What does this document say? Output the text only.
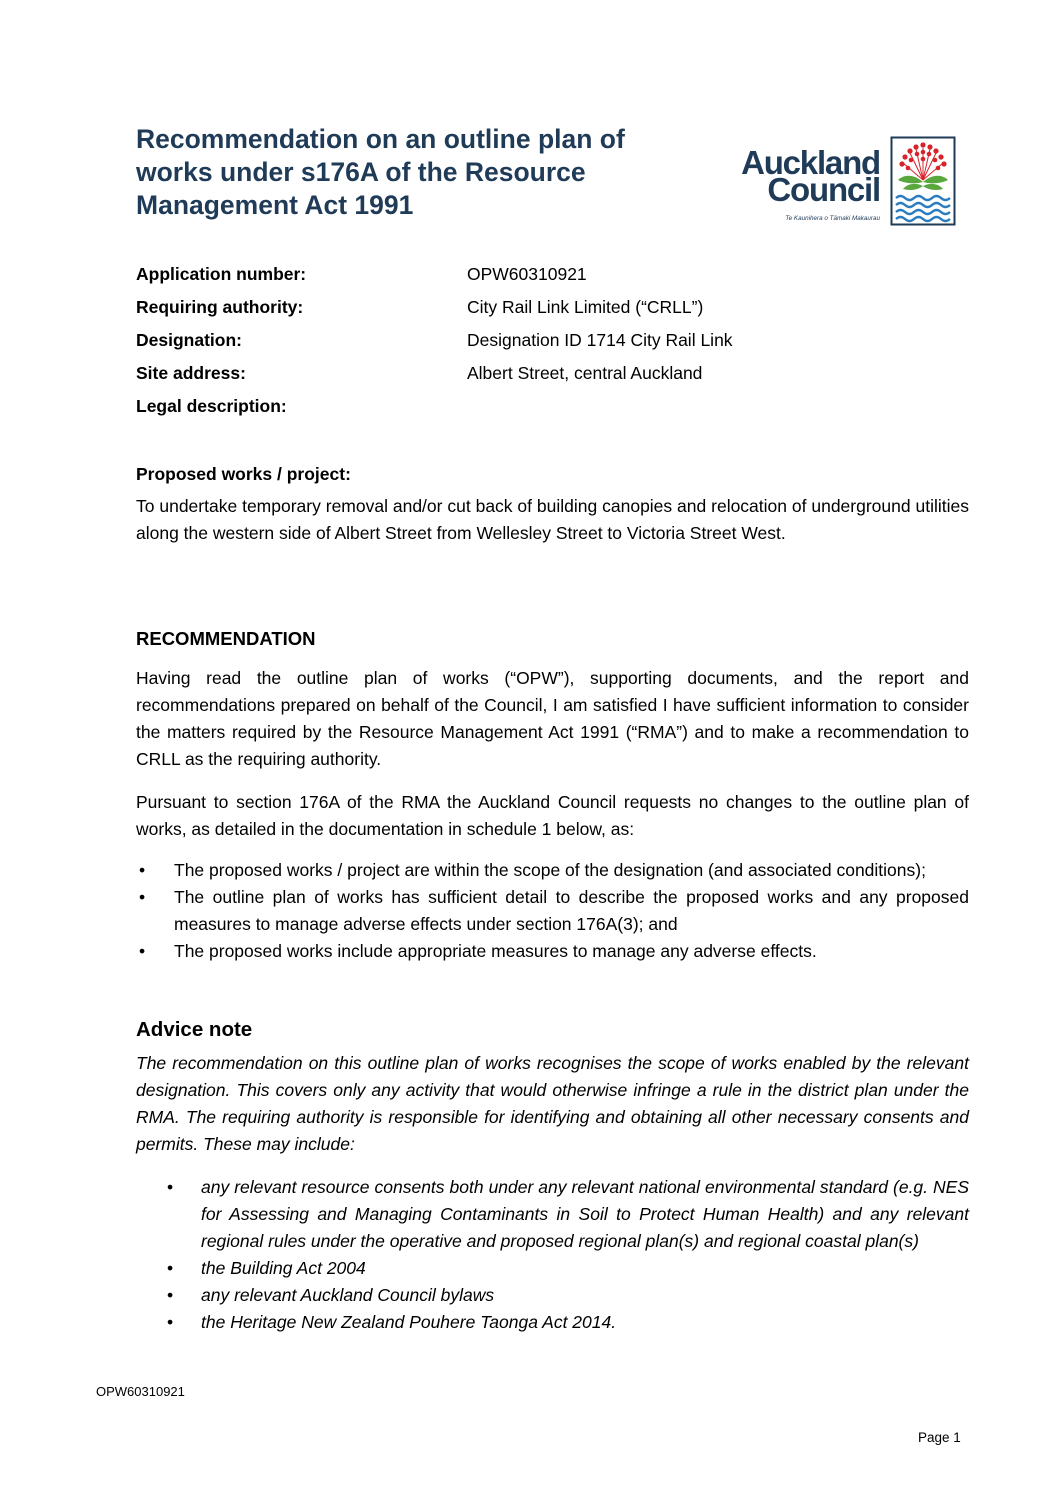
Recommendation on an outline plan of works under s176A of the Resource Management Act 1991
Auckland
Council
Te Kaunihera o Tāmaki Makaurau
Application number:	OPW60310921
Requiring authority:	City Rail Link Limited (“CRLL”)
Designation:	Designation ID 1714 City Rail Link
Site address:	Albert Street, central Auckland
Legal description:
Proposed works / project:
To undertake temporary removal and/or cut back of building canopies and relocation of underground utilities along the western side of Albert Street from Wellesley Street to Victoria Street West.
RECOMMENDATION
Having read the outline plan of works (“OPW”), supporting documents, and the report and recommendations prepared on behalf of the Council, I am satisfied I have sufficient information to consider the matters required by the Resource Management Act 1991 (“RMA”) and to make a recommendation to CRLL as the requiring authority.
Pursuant to section 176A of the RMA the Auckland Council requests no changes to the outline plan of works, as detailed in the documentation in schedule 1 below, as:
• The proposed works / project are within the scope of the designation (and associated conditions);
• The outline plan of works has sufficient detail to describe the proposed works and any proposed measures to manage adverse effects under section 176A(3); and
• The proposed works include appropriate measures to manage any adverse effects.
Advice note
The recommendation on this outline plan of works recognises the scope of works enabled by the relevant designation. This covers only any activity that would otherwise infringe a rule in the district plan under the RMA. The requiring authority is responsible for identifying and obtaining all other necessary consents and permits. These may include:
• any relevant resource consents both under any relevant national environmental standard (e.g. NES for Assessing and Managing Contaminants in Soil to Protect Human Health) and any relevant regional rules under the operative and proposed regional plan(s) and regional coastal plan(s)
• the Building Act 2004
• any relevant Auckland Council bylaws
• the Heritage New Zealand Pouhere Taonga Act 2014.
OPW60310921
Page 1
